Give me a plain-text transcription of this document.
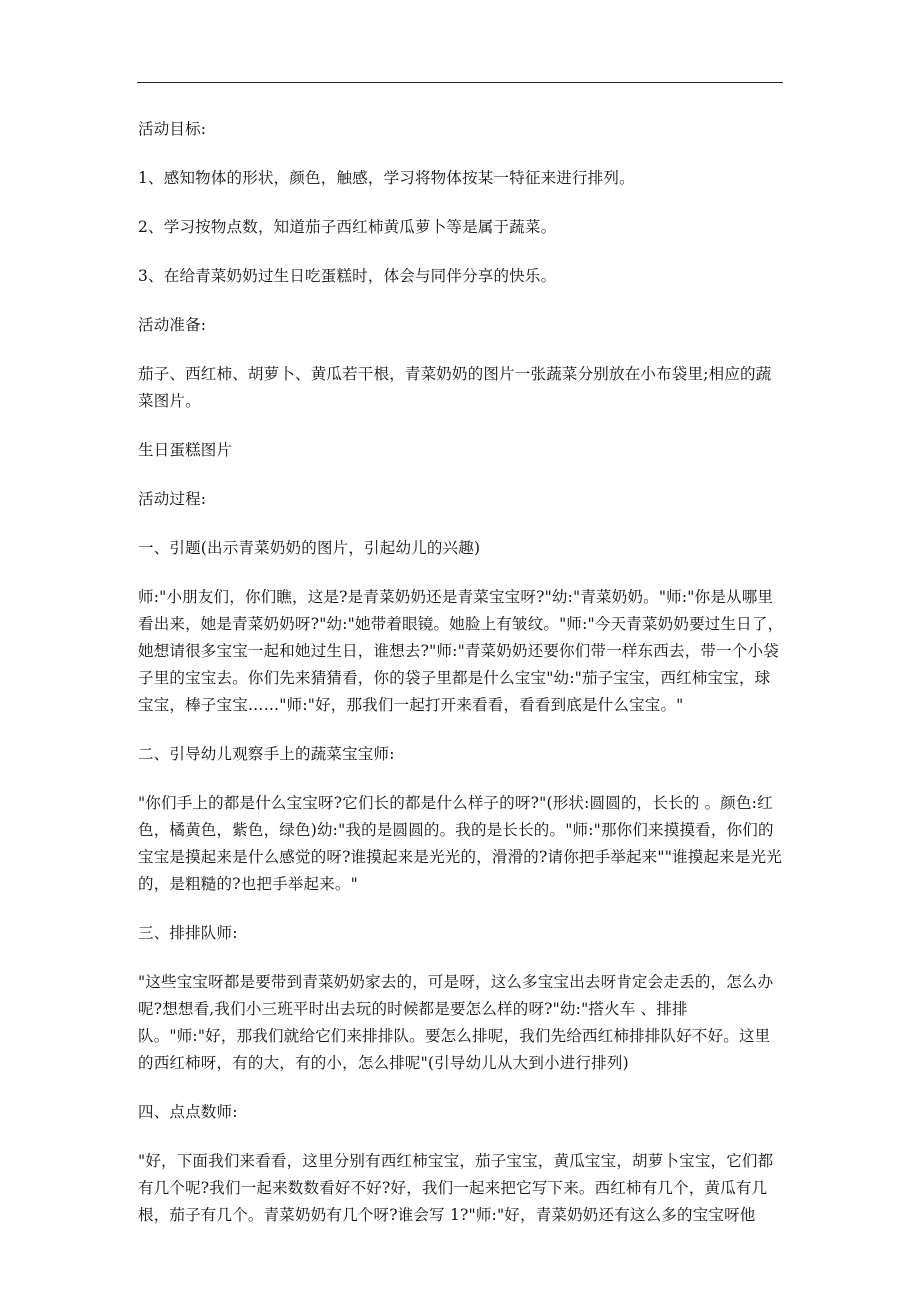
活动目标:

1、感知物体的形状，颜色，触感，学习将物体按某一特征来进行排列。

2、学习按物点数，知道茄子西红柿黄瓜萝卜等是属于蔬菜。

3、在给青菜奶奶过生日吃蛋糕时，体会与同伴分享的快乐。

活动准备:

茄子、西红柿、胡萝卜、黄瓜若干根，青菜奶奶的图片一张蔬菜分别放在小布袋里;相应的蔬菜图片。

生日蛋糕图片

活动过程:

一、引题(出示青菜奶奶的图片，引起幼儿的兴趣)

师:"小朋友们，你们瞧，这是?是青菜奶奶还是青菜宝宝呀?"幼:"青菜奶奶。"师:"你是从哪里看出来，她是青菜奶奶呀?"幼:"她带着眼镜。她脸上有皱纹。"师:"今天青菜奶奶要过生日了，她想请很多宝宝一起和她过生日，谁想去?"师:"青菜奶奶还要你们带一样东西去，带一个小袋子里的宝宝去。你们先来猜猜看，你的袋子里都是什么宝宝"幼:"茄子宝宝，西红柿宝宝，球宝宝，棒子宝宝……"师:"好，那我们一起打开来看看，看看到底是什么宝宝。"

二、引导幼儿观察手上的蔬菜宝宝师:

"你们手上的都是什么宝宝呀?它们长的都是什么样子的呀?"(形状:圆圆的，长长的 。颜色:红色，橘黄色，紫色，绿色)幼:"我的是圆圆的。我的是长长的。"师:"那你们来摸摸看，你们的宝宝是摸起来是什么感觉的呀?谁摸起来是光光的，滑滑的?请你把手举起来""谁摸起来是光光的，是粗糙的?也把手举起来。"

三、排排队师:

"这些宝宝呀都是要带到青菜奶奶家去的，可是呀，这么多宝宝出去呀肯定会走丢的，怎么办呢?想想看,我们小三班平时出去玩的时候都是要怎么样的呀?"幼:"搭火车 、排排队。"师:"好，那我们就给它们来排排队。要怎么排呢，我们先给西红柿排排队好不好。这里的西红柿呀，有的大，有的小，怎么排呢"(引导幼儿从大到小进行排列)

四、点点数师:

"好，下面我们来看看，这里分别有西红柿宝宝，茄子宝宝，黄瓜宝宝，胡萝卜宝宝，它们都有几个呢?我们一起来数数看好不好?好，我们一起来把它写下来。西红柿有几个，黄瓜有几根，茄子有几个。青菜奶奶有几个呀?谁会写 1?"师:"好，青菜奶奶还有这么多的宝宝呀他
